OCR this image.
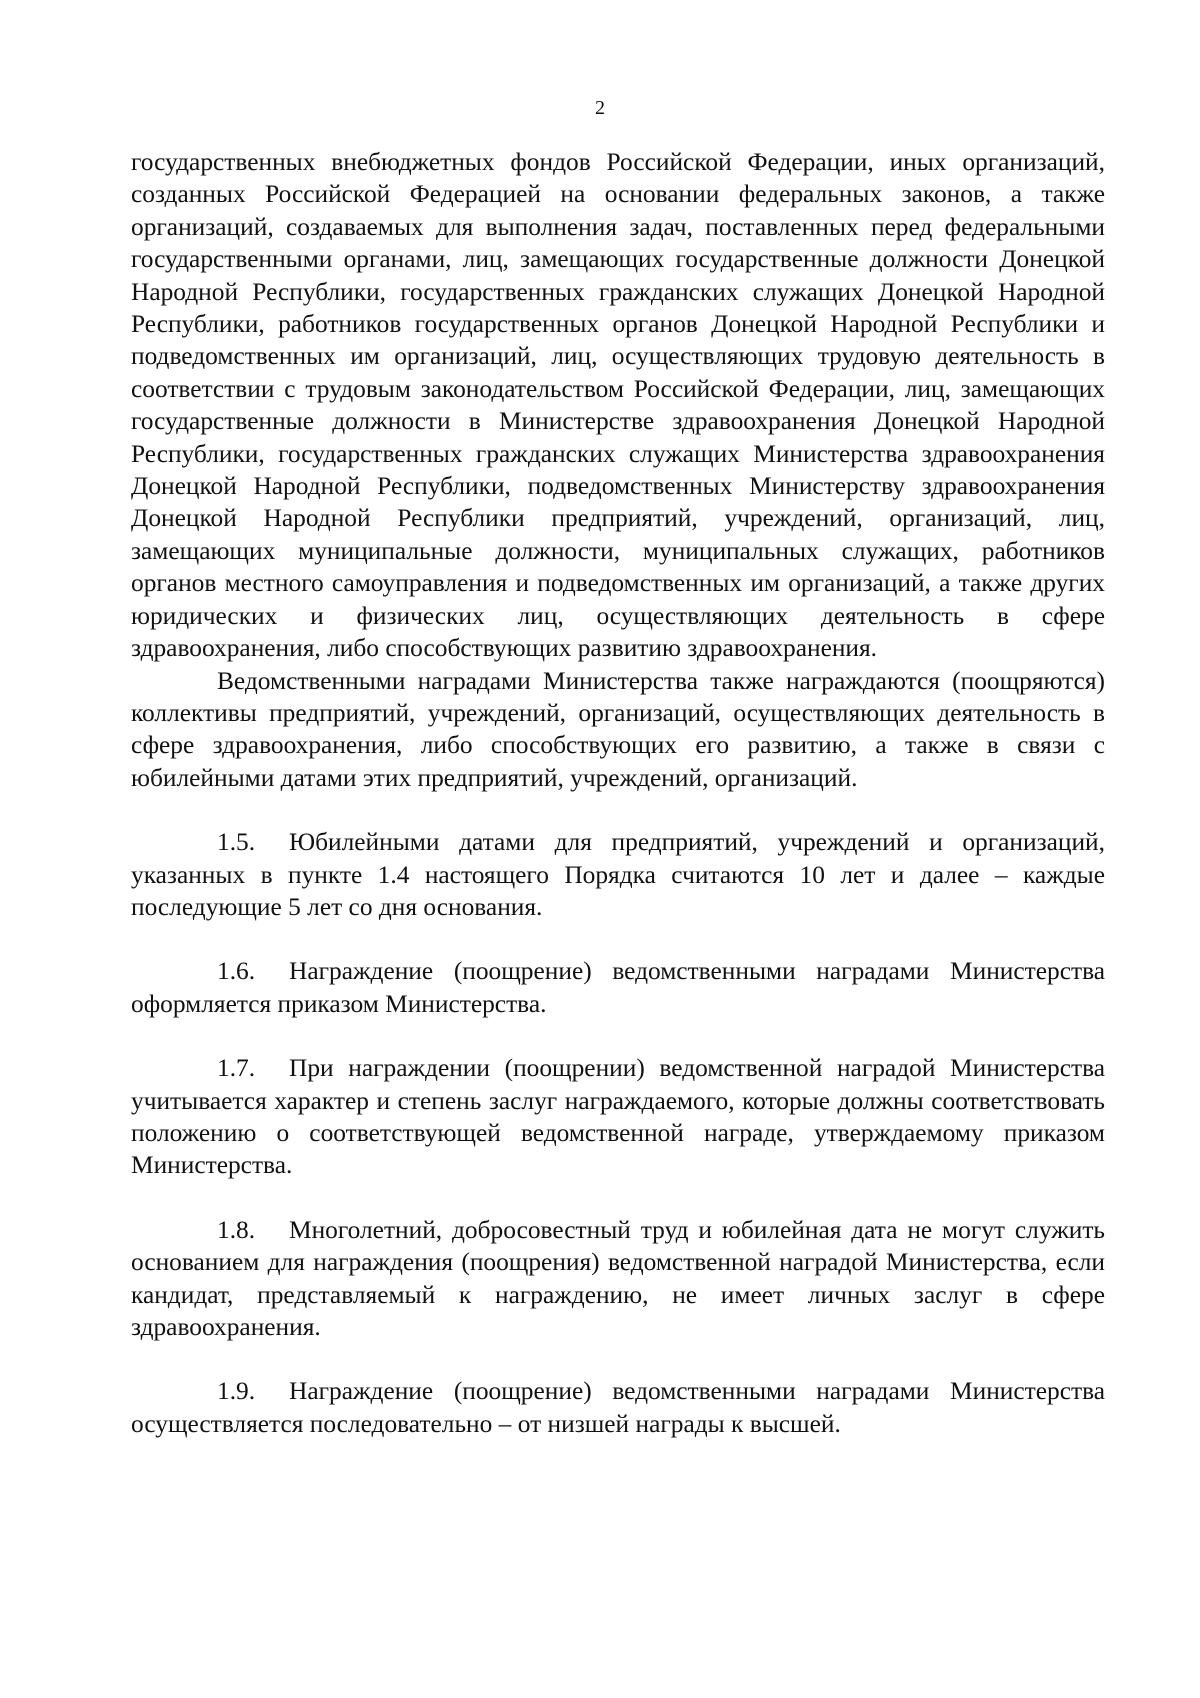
2

государственных внебюджетных фондов Российской Федерации, иных организаций, созданных Российской Федерацией на основании федеральных законов, а также организаций, создаваемых для выполнения задач, поставленных перед федеральными государственными органами, лиц, замещающих государственные должности Донецкой Народной Республики, государственных гражданских служащих Донецкой Народной Республики, работников государственных органов Донецкой Народной Республики и подведомственных им организаций, лиц, осуществляющих трудовую деятельность в соответствии с трудовым законодательством Российской Федерации, лиц, замещающих государственные должности в Министерстве здравоохранения Донецкой Народной Республики, государственных гражданских служащих Министерства здравоохранения Донецкой Народной Республики, подведомственных Министерству здравоохранения Донецкой Народной Республики предприятий, учреждений, организаций, лиц, замещающих муниципальные должности, муниципальных служащих, работников органов местного самоуправления и подведомственных им организаций, а также других юридических и физических лиц, осуществляющих деятельность в сфере здравоохранения, либо способствующих развитию здравоохранения.

Ведомственными наградами Министерства также награждаются (поощряются) коллективы предприятий, учреждений, организаций, осуществляющих деятельность в сфере здравоохранения, либо способствующих его развитию, а также в связи с юбилейными датами этих предприятий, учреждений, организаций.

1.5. Юбилейными датами для предприятий, учреждений и организаций, указанных в пункте 1.4 настоящего Порядка считаются 10 лет и далее – каждые последующие 5 лет со дня основания.

1.6. Награждение (поощрение) ведомственными наградами Министерства оформляется приказом Министерства.

1.7. При награждении (поощрении) ведомственной наградой Министерства учитывается характер и степень заслуг награждаемого, которые должны соответствовать положению о соответствующей ведомственной награде, утверждаемому приказом Министерства.

1.8. Многолетний, добросовестный труд и юбилейная дата не могут служить основанием для награждения (поощрения) ведомственной наградой Министерства, если кандидат, представляемый к награждению, не имеет личных заслуг в сфере здравоохранения.

1.9. Награждение (поощрение) ведомственными наградами Министерства осуществляется последовательно – от низшей награды к высшей.
